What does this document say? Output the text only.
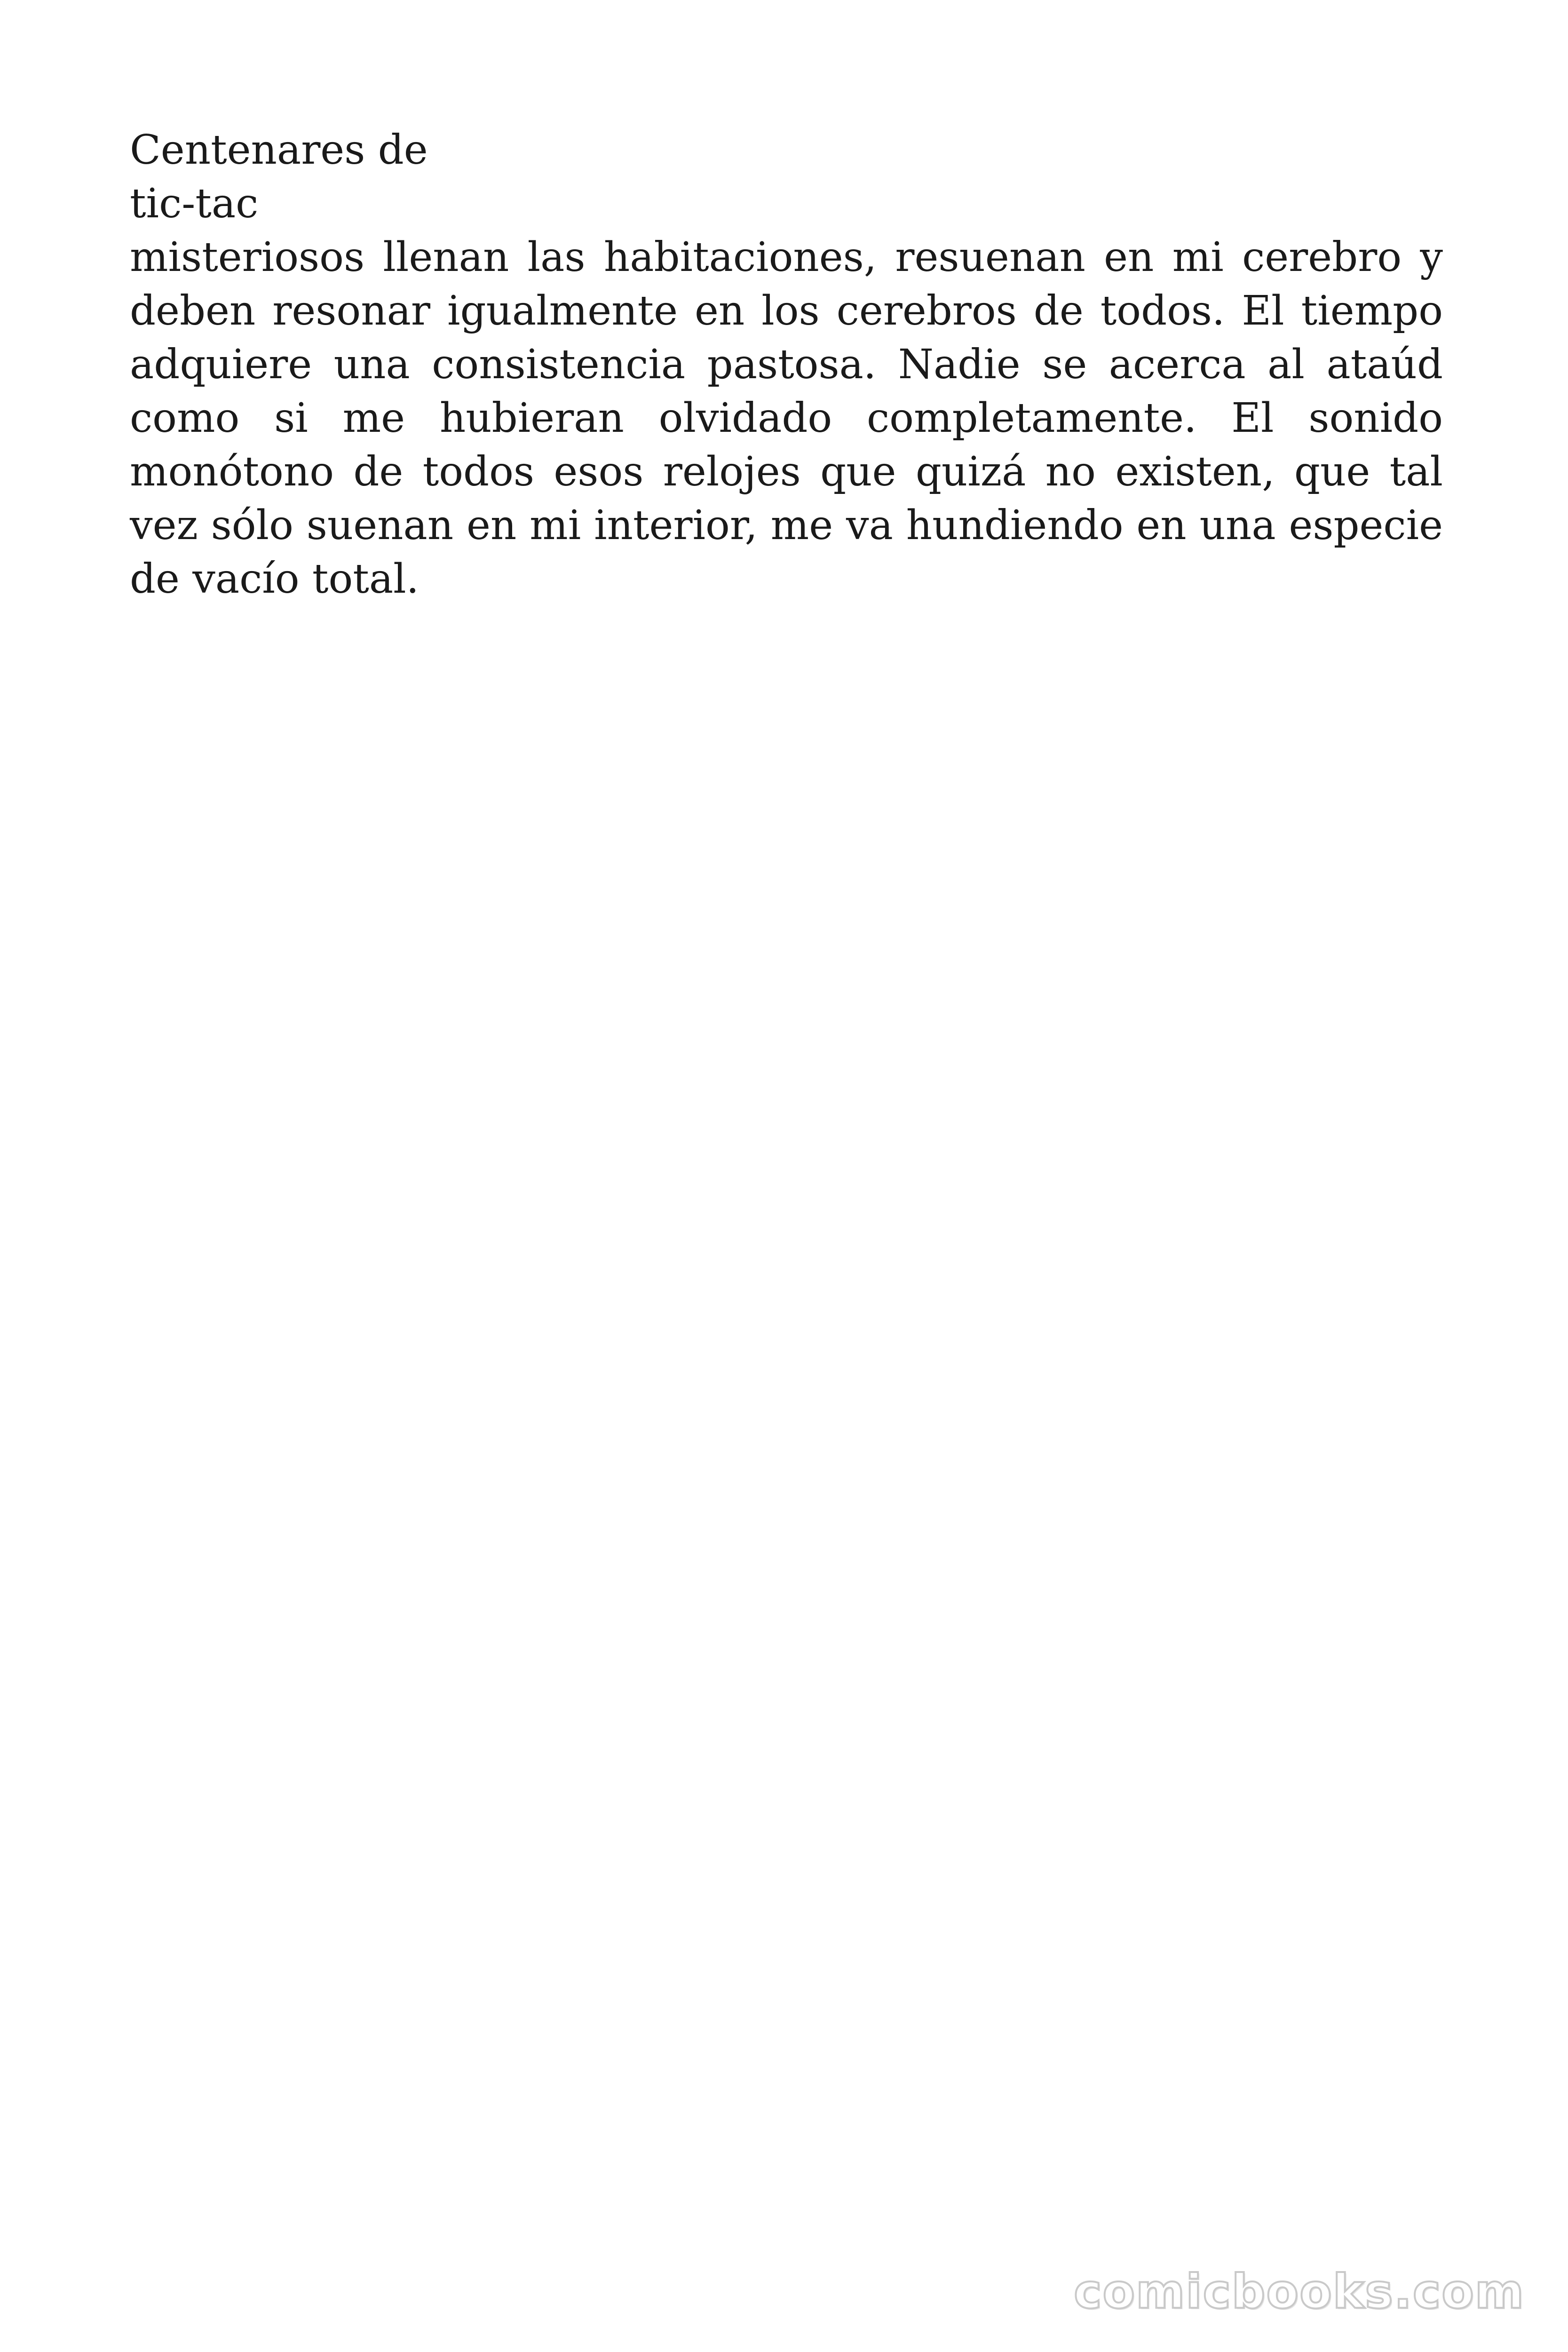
Centenares de
tic-tac

misteriosos llenan las habitaciones, resuenan en mi cerebro y deben resonar igualmente en los cerebros de todos. El tiempo adquiere una consistencia pastosa. Nadie se acerca al ataúd como si me hubieran olvidado completamente. El sonido monótono de todos esos relojes que quizá no existen, que tal vez sólo suenan en mi interior, me va hundiendo en una especie de vacío total.

comicbooks.com
